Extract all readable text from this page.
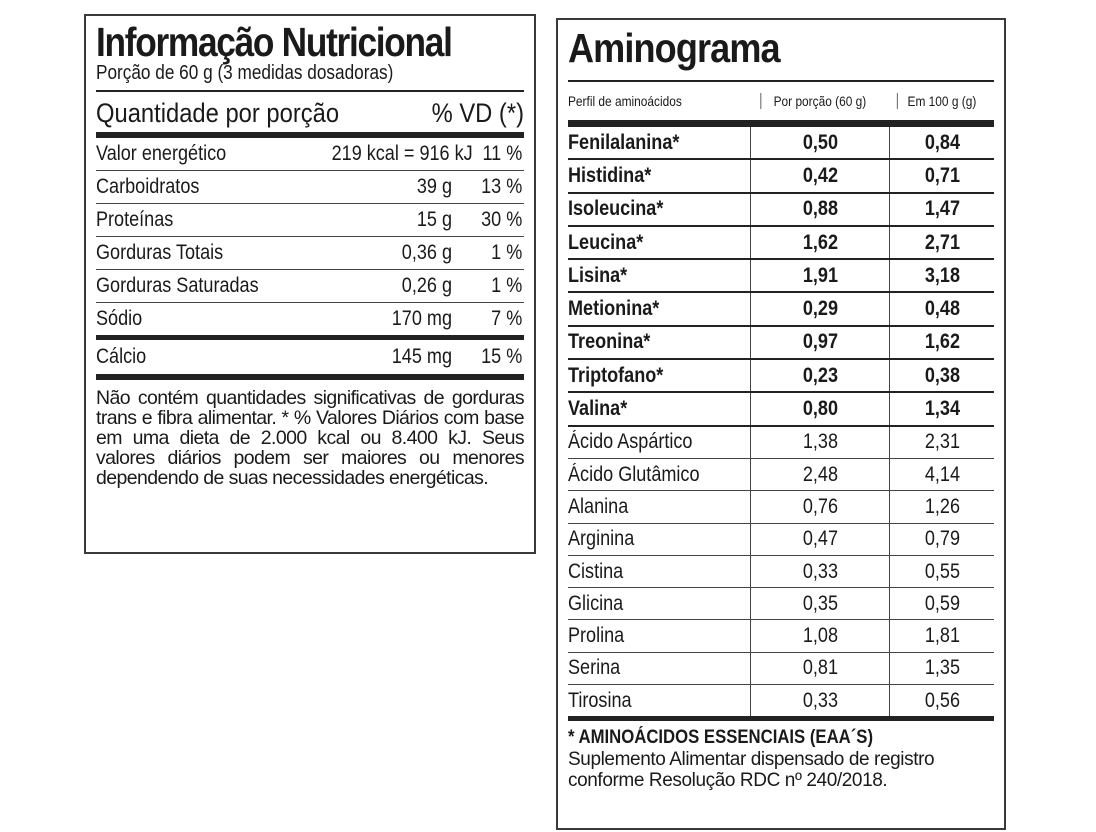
Informação Nutricional
Porção de 60 g (3 medidas dosadoras)
Quantidade por porção	% VD (*)
Valor energético	219 kcal = 916 kJ 11 %
Carboidratos	39 g	13 %
Proteínas	15 g	30 %
Gorduras Totais	0,36 g	1 %
Gorduras Saturadas	0,26 g	1 %
Sódio	170 mg	7 %
Cálcio	145 mg	15 %
Não contém quantidades significativas de gorduras trans e fibra alimentar. * % Valores Diários com base em uma dieta de 2.000 kcal ou 8.400 kJ. Seus valores diários podem ser maiores ou menores dependendo de suas necessidades energéticas.
Aminograma
Perfil de aminoácidos	Por porção (60 g)	Em 100 g (g)
Fenilalanina*	0,50	0,84
Histidina*	0,42	0,71
Isoleucina*	0,88	1,47
Leucina*	1,62	2,71
Lisina*	1,91	3,18
Metionina*	0,29	0,48
Treonina*	0,97	1,62
Triptofano*	0,23	0,38
Valina*	0,80	1,34
Ácido Aspártico	1,38	2,31
Ácido Glutâmico	2,48	4,14
Alanina	0,76	1,26
Arginina	0,47	0,79
Cistina	0,33	0,55
Glicina	0,35	0,59
Prolina	1,08	1,81
Serina	0,81	1,35
Tirosina	0,33	0,56
* AMINOÁCIDOS ESSENCIAIS (EAA´S)
Suplemento Alimentar dispensado de registro conforme Resolução RDC nº 240/2018.
